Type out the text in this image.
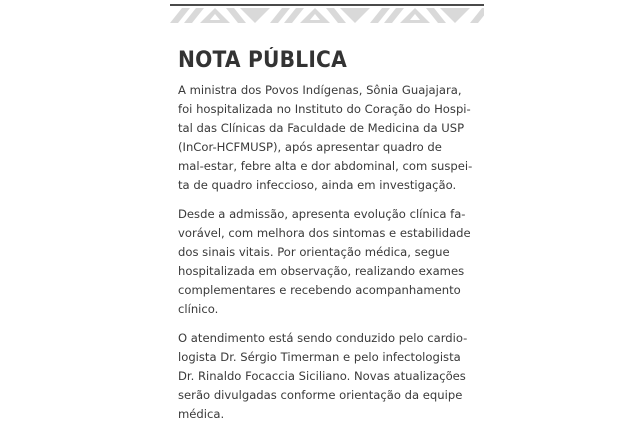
NOTA PÚBLICA

A ministra dos Povos Indígenas, Sônia Guajajara,
foi hospitalizada no Instituto do Coração do Hospi-
tal das Clínicas da Faculdade de Medicina da USP
(InCor-HCFMUSP), após apresentar quadro de
mal-estar, febre alta e dor abdominal, com suspei-
ta de quadro infeccioso, ainda em investigação.

Desde a admissão, apresenta evolução clínica fa-
vorável, com melhora dos sintomas e estabilidade
dos sinais vitais. Por orientação médica, segue
hospitalizada em observação, realizando exames
complementares e recebendo acompanhamento
clínico.

O atendimento está sendo conduzido pelo cardio-
logista Dr. Sérgio Timerman e pelo infectologista
Dr. Rinaldo Focaccia Siciliano. Novas atualizações
serão divulgadas conforme orientação da equipe
médica.
